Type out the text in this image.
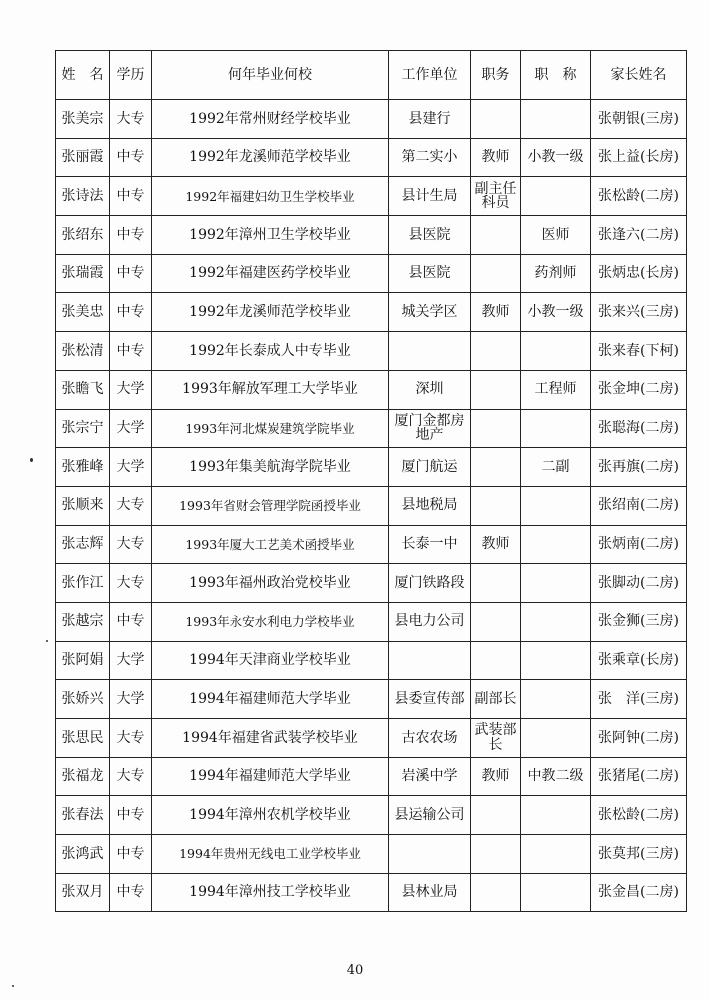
姓　名	学历	何年毕业何校	工作单位	职务	职　称	家长姓名
张美宗	大专	1992年常州财经学校毕业	县建行			张朝银(三房)
张丽霞	中专	1992年龙溪师范学校毕业	第二实小	教师	小教一级	张上益(长房)
张诗法	中专	1992年福建妇幼卫生学校毕业	县计生局	副主任科员		张松龄(二房)
张绍东	中专	1992年漳州卫生学校毕业	县医院		医师	张逢六(二房)
张瑞霞	中专	1992年福建医药学校毕业	县医院		药剂师	张炳忠(长房)
张美忠	中专	1992年龙溪师范学校毕业	城关学区	教师	小教一级	张来兴(三房)
张松清	中专	1992年长泰成人中专毕业				张来春(下柯)
张瞻飞	大学	1993年解放军理工大学毕业	深圳		工程师	张金坤(二房)
张宗宁	大学	1993年河北煤炭建筑学院毕业	厦门金都房地产			张聪海(二房)
张雅峰	大学	1993年集美航海学院毕业	厦门航运		二副	张再旗(二房)
张顺来	大专	1993年省财会管理学院函授毕业	县地税局			张绍南(二房)
张志辉	大专	1993年厦大工艺美术函授毕业	长泰一中	教师		张炳南(二房)
张作江	大专	1993年福州政治党校毕业	厦门铁路段			张脚动(二房)
张越宗	中专	1993年永安水利电力学校毕业	县电力公司			张金狮(三房)
张阿娟	大学	1994年天津商业学校毕业				张乘章(长房)
张娇兴	大学	1994年福建师范大学毕业	县委宣传部	副部长		张　洋(三房)
张思民	大专	1994年福建省武装学校毕业	古农农场	武装部长		张阿钟(二房)
张福龙	大专	1994年福建师范大学毕业	岩溪中学	教师	中教二级	张猪尾(二房)
张春法	中专	1994年漳州农机学校毕业	县运输公司			张松龄(二房)
张鸿武	中专	1994年贵州无线电工业学校毕业				张莫邦(三房)
张双月	中专	1994年漳州技工学校毕业	县林业局			张金昌(二房)
40
